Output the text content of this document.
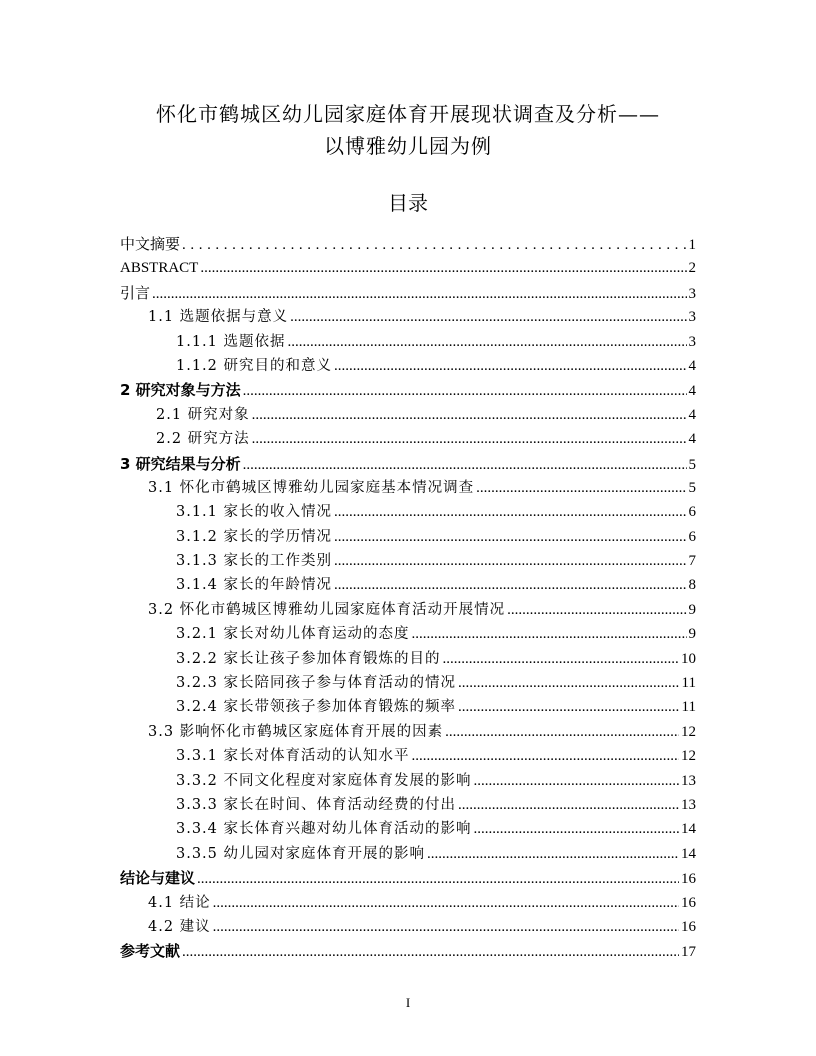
怀化市鹤城区幼儿园家庭体育开展现状调查及分析——
以博雅幼儿园为例
目录
中文摘要 .....	1
ABSTRACT .....	2
引言 .....	3
1.1 选题依据与意义 .....	3
1.1.1 选题依据 .....	3
1.1.2 研究目的和意义 .....	4
2 研究对象与方法 .....	4
2.1 研究对象 .....	4
2.2 研究方法 .....	4
3 研究结果与分析 .....	5
3.1 怀化市鹤城区博雅幼儿园家庭基本情况调查 .....	5
3.1.1 家长的收入情况 .....	6
3.1.2 家长的学历情况 .....	6
3.1.3 家长的工作类别 .....	7
3.1.4 家长的年龄情况 .....	8
3.2 怀化市鹤城区博雅幼儿园家庭体育活动开展情况 .....	9
3.2.1 家长对幼儿体育运动的态度 .....	9
3.2.2 家长让孩子参加体育锻炼的目的 .....	10
3.2.3 家长陪同孩子参与体育活动的情况 .....	11
3.2.4 家长带领孩子参加体育锻炼的频率 .....	11
3.3 影响怀化市鹤城区家庭体育开展的因素 .....	12
3.3.1 家长对体育活动的认知水平 .....	12
3.3.2 不同文化程度对家庭体育发展的影响 .....	13
3.3.3 家长在时间、体育活动经费的付出 .....	13
3.3.4 家长体育兴趣对幼儿体育活动的影响 .....	14
3.3.5 幼儿园对家庭体育开展的影响 .....	14
结论与建议 .....	16
4.1 结论 .....	16
4.2 建议 .....	16
参考文献 .....	17
I
